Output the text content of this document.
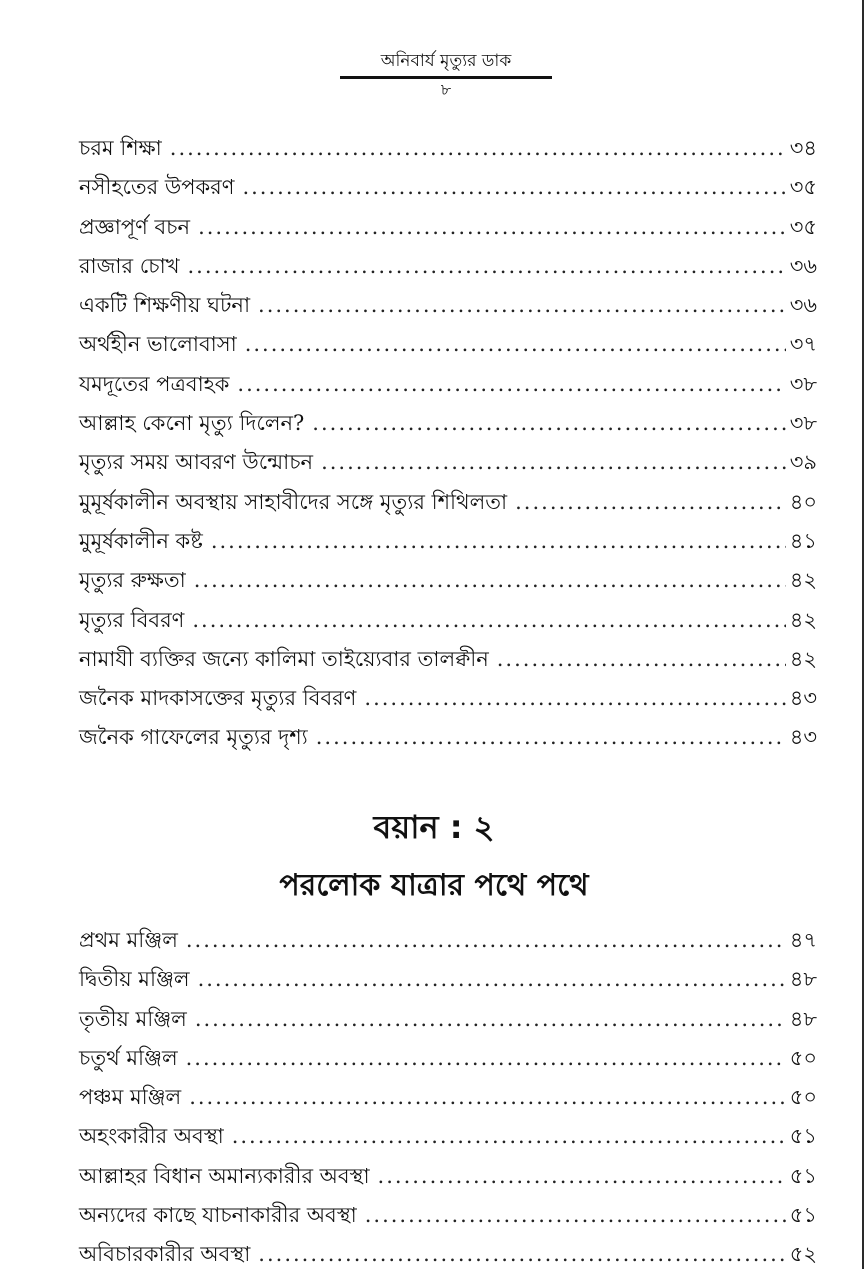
অনিবার্য মৃত্যুর ডাক
৮
চরম শিক্ষা .....	৩৪
নসীহতের উপকরণ .....	৩৫
প্রজ্ঞাপূর্ণ বচন .....	৩৫
রাজার চোখ .....	৩৬
একটি শিক্ষণীয় ঘটনা .....	৩৬
অর্থহীন ভালোবাসা .....	৩৭
যমদূতের পত্রবাহক .....	৩৮
আল্লাহ কেনো মৃত্যু দিলেন? .....	৩৮
মৃত্যুর সময় আবরণ উন্মোচন .....	৩৯
মুমূর্ষকালীন অবস্থায় সাহাবীদের সঙ্গে মৃত্যুর শিথিলতা .....	৪০
মুমূর্ষকালীন কষ্ট .....	৪১
মৃত্যুর রুক্ষতা .....	৪২
মৃত্যুর বিবরণ .....	৪২
নামাযী ব্যক্তির জন্যে কালিমা তাইয়্যেবার তালক্বীন .....	৪২
জনৈক মাদকাসক্তের মৃত্যুর বিবরণ .....	৪৩
জনৈক গাফেলের মৃত্যুর দৃশ্য .....	৪৩
বয়ান : ২
পরলোক যাত্রার পথে পথে
প্রথম মঞ্জিল .....	৪৭
দ্বিতীয় মঞ্জিল .....	৪৮
তৃতীয় মঞ্জিল .....	৪৮
চতুর্থ মঞ্জিল .....	৫০
পঞ্চম মঞ্জিল .....	৫০
অহংকারীর অবস্থা .....	৫১
আল্লাহর বিধান অমান্যকারীর অবস্থা .....	৫১
অন্যদের কাছে যাচনাকারীর অবস্থা .....	৫১
অবিচারকারীর অবস্থা .....	৫২
